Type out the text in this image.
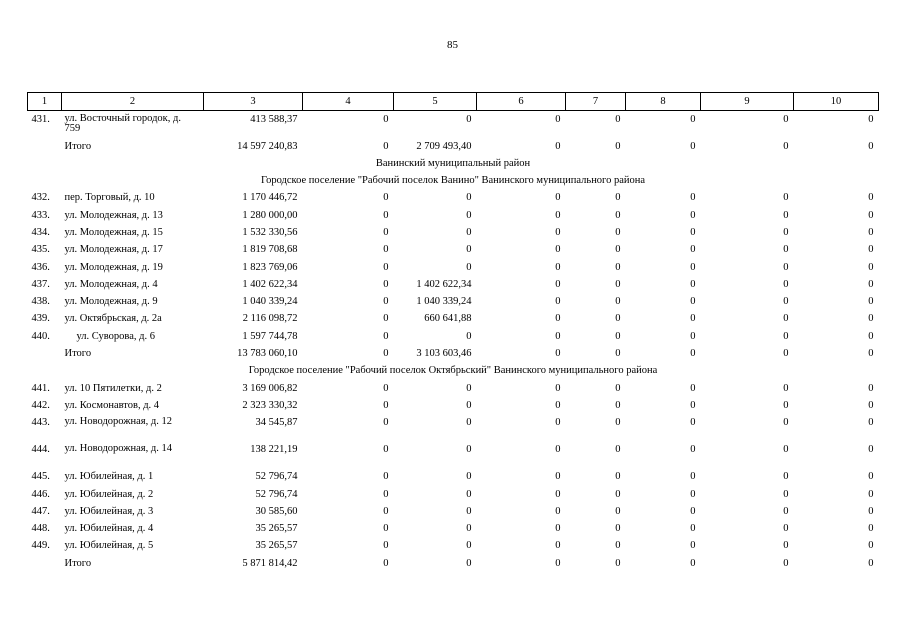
85
1	2	3	4	5	6	7	8	9	10
431.	ул. Восточный городок, д. 759	413 588,37	0	0	0	0	0	0	0

	Итого	14 597 240,83	0	2 709 493,40	0	0	0	0	0
Ванинский муниципальный район									
Городское поселение "Рабочий поселок Ванино" Ванинского муниципального района									
432.	пер. Торговый, д. 10	1 170 446,72	0	0	0	0	0	0	0
433.	ул. Молодежная, д. 13	1 280 000,00	0	0	0	0	0	0	0
434.	ул. Молодежная, д. 15	1 532 330,56	0	0	0	0	0	0	0
435.	ул. Молодежная, д. 17	1 819 708,68	0	0	0	0	0	0	0
436.	ул. Молодежная, д. 19	1 823 769,06	0	0	0	0	0	0	0
437.	ул. Молодежная, д. 4	1 402 622,34	0	1 402 622,34	0	0	0	0	0
438.	ул. Молодежная, д. 9	1 040 339,24	0	1 040 339,24	0	0	0	0	0
439.	ул. Октябрьская, д. 2а	2 116 098,72	0	660 641,88	0	0	0	0	0
440.	ул. Суворова, д. 6	1 597 744,78	0	0	0	0	0	0	0

	Итого	13 783 060,10	0	3 103 603,46	0	0	0	0	0
Городское поселение "Рабочий поселок Октябрьский" Ванинского муниципального района									
441.	ул. 10 Пятилетки, д. 2	3 169 006,82	0	0	0	0	0	0	0
442.	ул. Космонавтов, д. 4	2 323 330,32	0	0	0	0	0	0	0
443.	ул. Новодорожная, д. 12	34 545,87	0	0	0	0	0	0	0
444.	ул. Новодорожная, д. 14	138 221,19	0	0	0	0	0	0	0
445.	ул. Юбилейная, д. 1	52 796,74	0	0	0	0	0	0	0
446.	ул. Юбилейная, д. 2	52 796,74	0	0	0	0	0	0	0
447.	ул. Юбилейная, д. 3	30 585,60	0	0	0	0	0	0	0
448.	ул. Юбилейная, д. 4	35 265,57	0	0	0	0	0	0	0
449.	ул. Юбилейная, д. 5	35 265,57	0	0	0	0	0	0	0

	Итого	5 871 814,42	0	0	0	0	0	0	0
